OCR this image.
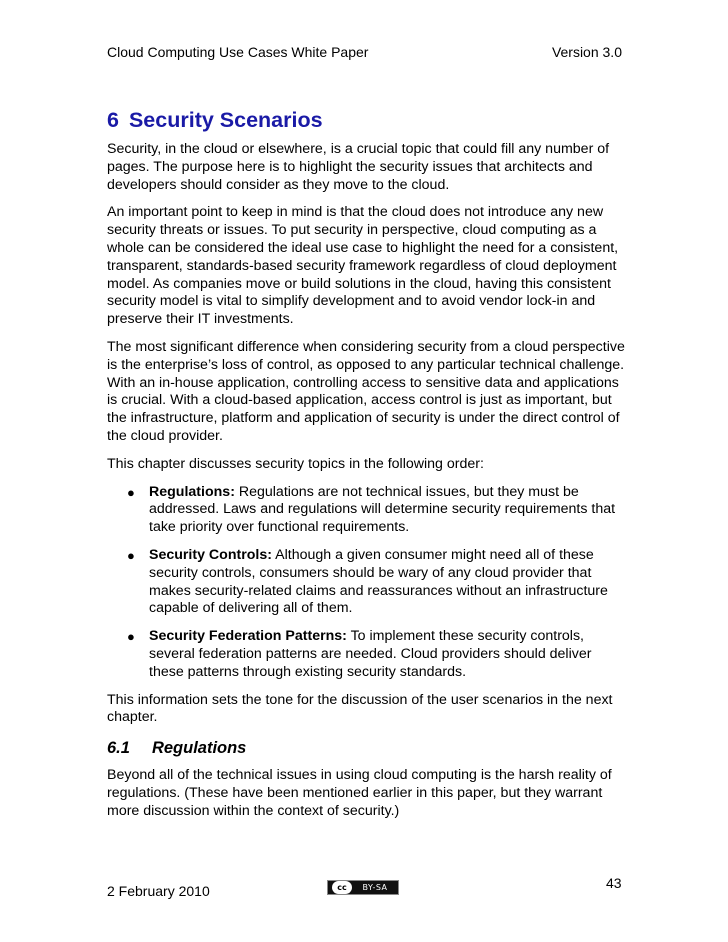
Cloud Computing Use Cases White Paper	Version 3.0
6 Security Scenarios

Security, in the cloud or elsewhere, is a crucial topic that could fill any number of pages. The purpose here is to highlight the security issues that architects and developers should consider as they move to the cloud.

An important point to keep in mind is that the cloud does not introduce any new security threats or issues. To put security in perspective, cloud computing as a whole can be considered the ideal use case to highlight the need for a consistent, transparent, standards-based security framework regardless of cloud deployment model. As companies move or build solutions in the cloud, having this consistent security model is vital to simplify development and to avoid vendor lock-in and preserve their IT investments.

The most significant difference when considering security from a cloud perspective is the enterprise’s loss of control, as opposed to any particular technical challenge. With an in-house application, controlling access to sensitive data and applications is crucial. With a cloud-based application, access control is just as important, but the infrastructure, platform and application of security is under the direct control of the cloud provider.

This chapter discusses security topics in the following order:

● Regulations: Regulations are not technical issues, but they must be addressed. Laws and regulations will determine security requirements that take priority over functional requirements.
● Security Controls: Although a given consumer might need all of these security controls, consumers should be wary of any cloud provider that makes security-related claims and reassurances without an infrastructure capable of delivering all of them.
● Security Federation Patterns: To implement these security controls, several federation patterns are needed. Cloud providers should deliver these patterns through existing security standards.

This information sets the tone for the discussion of the user scenarios in the next chapter.

6.1 Regulations

Beyond all of the technical issues in using cloud computing is the harsh reality of regulations. (These have been mentioned earlier in this paper, but they warrant more discussion within the context of security.)

2 February 2010	cc	BY-SA	43
